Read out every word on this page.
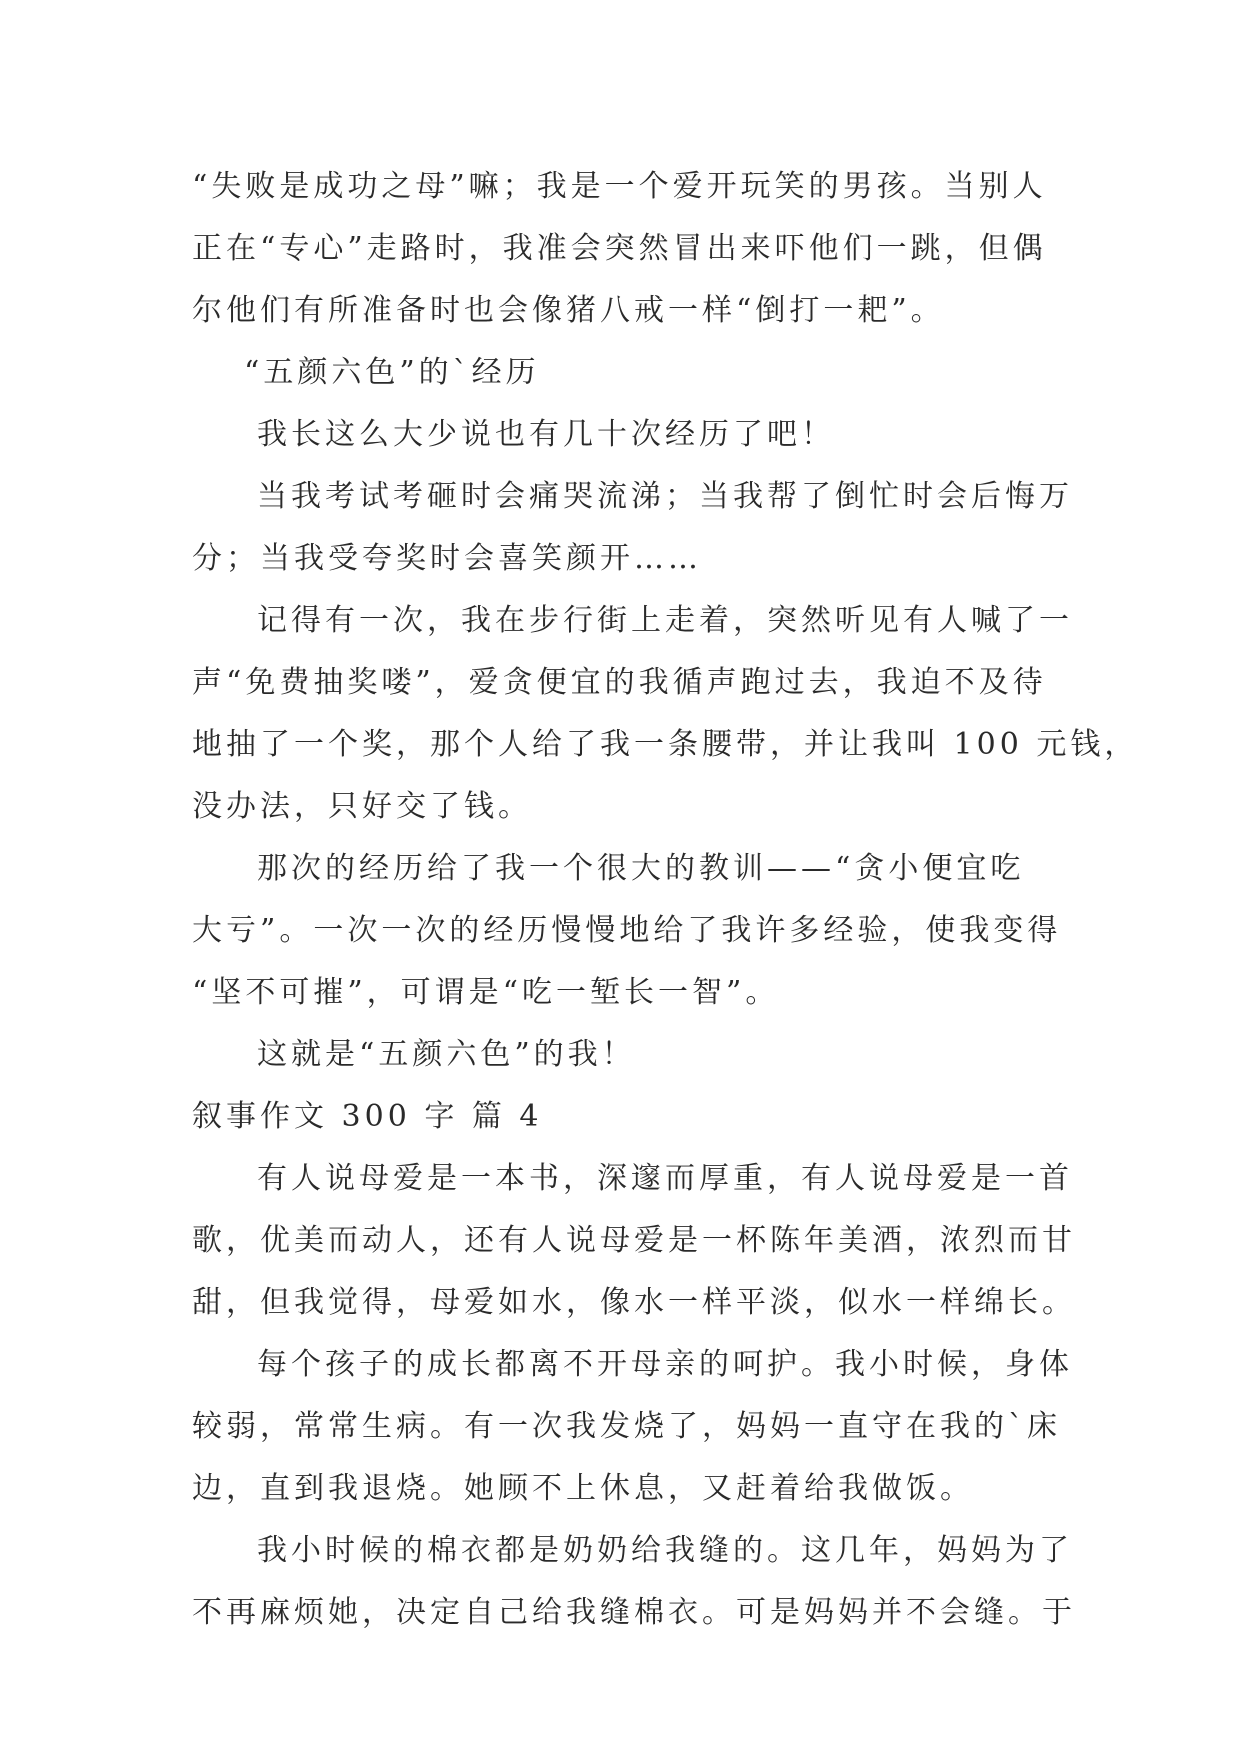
“失败是成功之母”嘛；我是一个爱开玩笑的男孩。当别人
正在“专心”走路时，我准会突然冒出来吓他们一跳，但偶
尔他们有所准备时也会像猪八戒一样“倒打一耙”。
“五颜六色”的`经历
我长这么大少说也有几十次经历了吧！
当我考试考砸时会痛哭流涕；当我帮了倒忙时会后悔万
分；当我受夸奖时会喜笑颜开……
记得有一次，我在步行街上走着，突然听见有人喊了一
声“免费抽奖喽”，爱贪便宜的我循声跑过去，我迫不及待
地抽了一个奖，那个人给了我一条腰带，并让我叫 100 元钱，
没办法，只好交了钱。
那次的经历给了我一个很大的教训——“贪小便宜吃
大亏”。一次一次的经历慢慢地给了我许多经验，使我变得
“坚不可摧”，可谓是“吃一堑长一智”。
这就是“五颜六色”的我！
叙事作文 300 字 篇 4
有人说母爱是一本书，深邃而厚重，有人说母爱是一首
歌，优美而动人，还有人说母爱是一杯陈年美酒，浓烈而甘
甜，但我觉得，母爱如水，像水一样平淡，似水一样绵长。
每个孩子的成长都离不开母亲的呵护。我小时候，身体
较弱，常常生病。有一次我发烧了，妈妈一直守在我的`床
边，直到我退烧。她顾不上休息，又赶着给我做饭。
我小时候的棉衣都是奶奶给我缝的。这几年，妈妈为了
不再麻烦她，决定自己给我缝棉衣。可是妈妈并不会缝。于
